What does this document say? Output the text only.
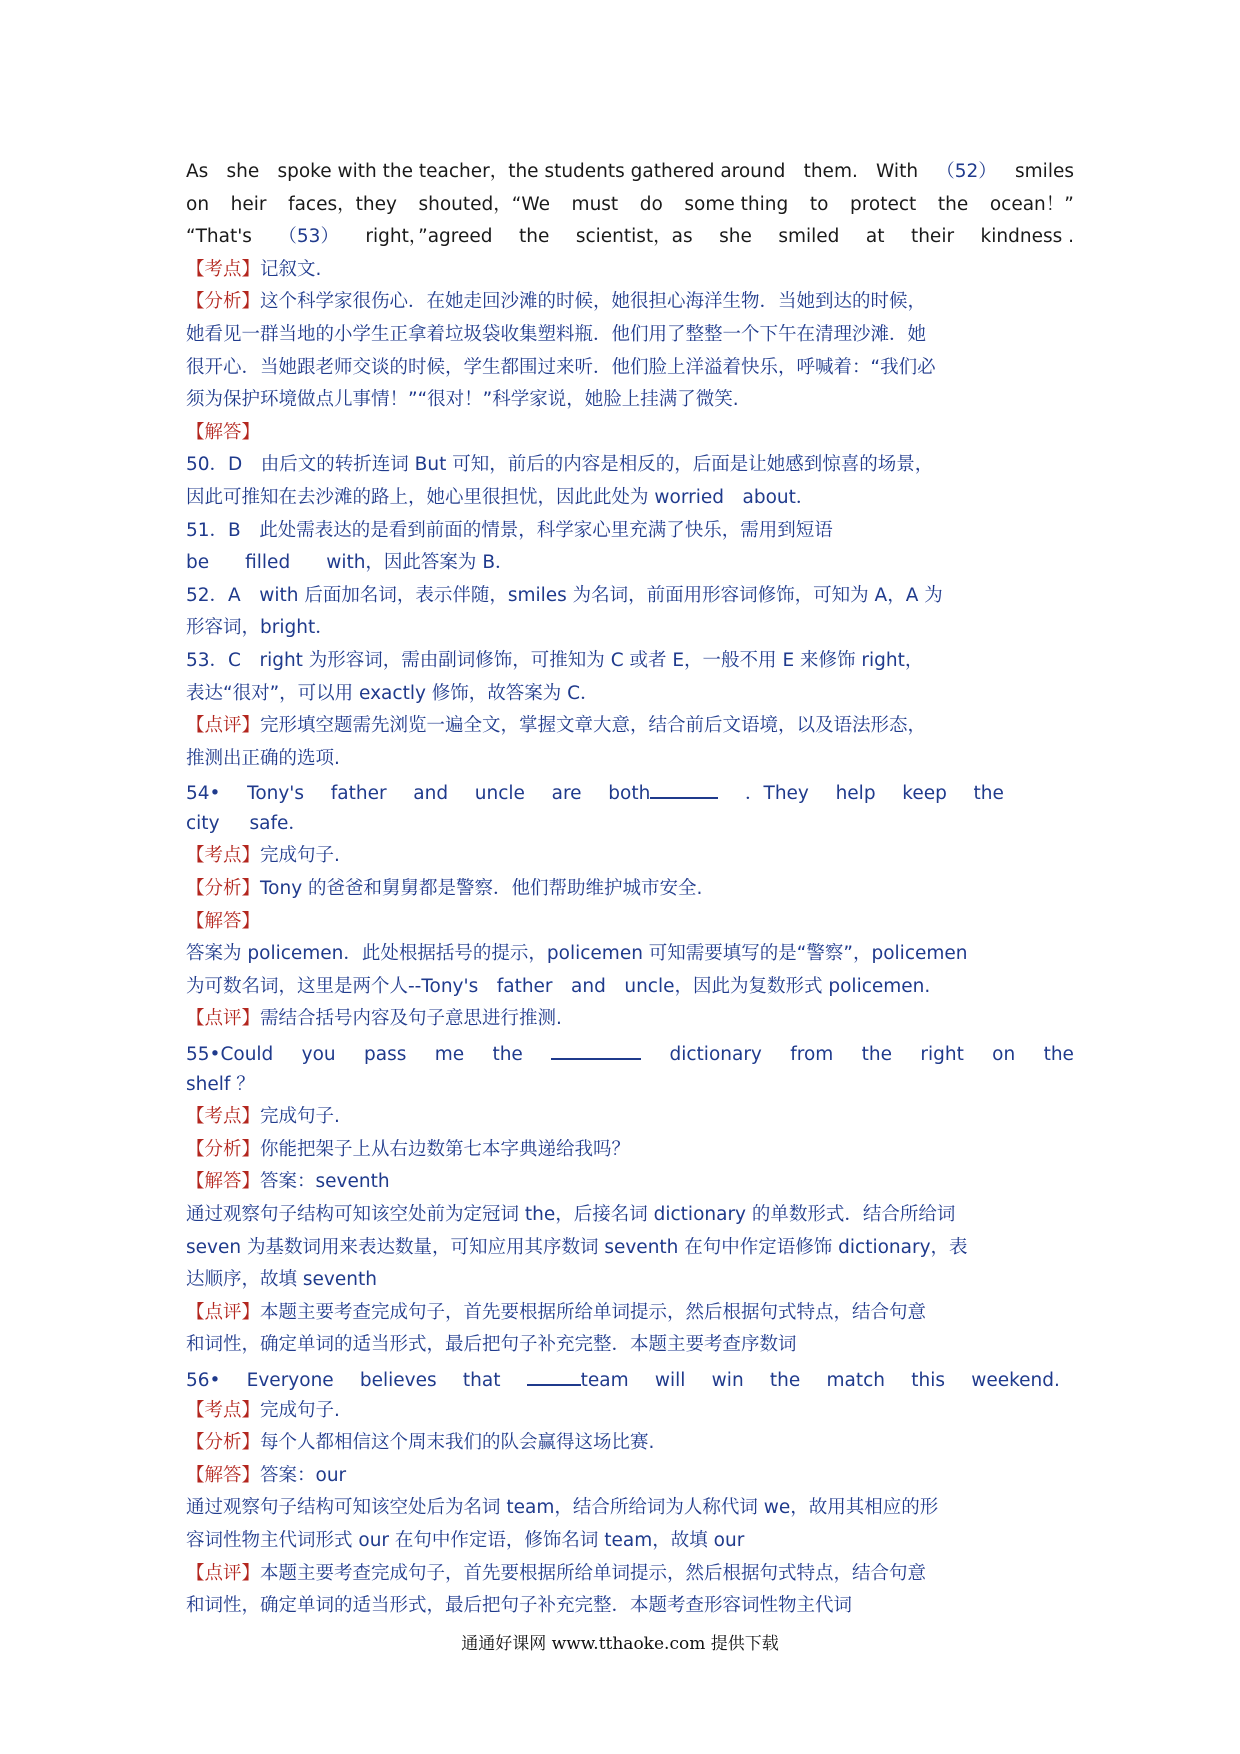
As she spoke with the teacher，the students gathered around them. With （52） smiles
on heir faces，they shouted，“We must do some thing to protect the ocean！”
“That's （53） right，”agreed the scientist，as she smiled at their kindness .
【考点】 记叙文.
【分析】 这个科学家很伤心．在她走回沙滩的时候，她很担心海洋生物．当她到达的时候，
她看见一群当地的小学生正拿着垃圾袋收集塑料瓶．他们用了整整一个下午在清理沙滩．她
很开心．当她跟老师交谈的时候，学生都围过来听．他们脸上洋溢着快乐，呼喊着：“我们必
须为保护环境做点儿事情！”“很对！”科学家说，她脸上挂满了微笑.
【解答】
50．D　由后文的转折连词 But 可知，前后的内容是相反的，后面是让她感到惊喜的场景，
因此可推知在去沙滩的路上，她心里很担忧，因此此处为 worried　about．
51．B　此处需表达的是看到前面的情景，科学家心里充满了快乐，需用到短语
be filled with，因此答案为 B．
52．A　with 后面加名词，表示伴随，smiles 为名词，前面用形容词修饰，可知为 A，A 为
形容词，bright．
53．C　right 为形容词，需由副词修饰，可推知为 C 或者 E，一般不用 E 来修饰 right，
表达“很对”，可以用 exactly 修饰，故答案为 C．
【点评】 完形填空题需先浏览一遍全文，掌握文章大意，结合前后文语境，以及语法形态，
推测出正确的选项.
54• Tony's father and uncle are both	．They help keep the
city safe．
【考点】 完成句子.
【分析】 Tony 的爸爸和舅舅都是警察．他们帮助维护城市安全.
【解答】
答案为 policemen．此处根据括号的提示，policemen 可知需要填写的是“警察”，policemen
为可数名词，这里是两个人--Tony's　father　and　uncle，因此为复数形式 policemen.
【点评】 需结合括号内容及句子意思进行推测.
55•Could you pass me the	dictionary from the right on the
shelf ？
【考点】 完成句子.
【分析】 你能把架子上从右边数第七本字典递给我吗？
【解答】 答案：seventh
通过观察句子结构可知该空处前为定冠词 the，后接名词 dictionary 的单数形式．结合所给词
seven 为基数词用来表达数量，可知应用其序数词 seventh 在句中作定语修饰 dictionary，表
达顺序，故填 seventh
【点评】 本题主要考查完成句子，首先要根据所给单词提示，然后根据句式特点，结合句意
和词性，确定单词的适当形式，最后把句子补充完整．本题主要考查序数词
56• Everyone believes that	team will win the match this weekend.
【考点】 完成句子.
【分析】 每个人都相信这个周末我们的队会赢得这场比赛.
【解答】 答案：our
通过观察句子结构可知该空处后为名词 team，结合所给词为人称代词 we，故用其相应的形
容词性物主代词形式 our 在句中作定语，修饰名词 team，故填 our
【点评】 本题主要考查完成句子，首先要根据所给单词提示，然后根据句式特点，结合句意
和词性，确定单词的适当形式，最后把句子补充完整．本题考查形容词性物主代词
通通好课网 www.tthaoke.com 提供下载
